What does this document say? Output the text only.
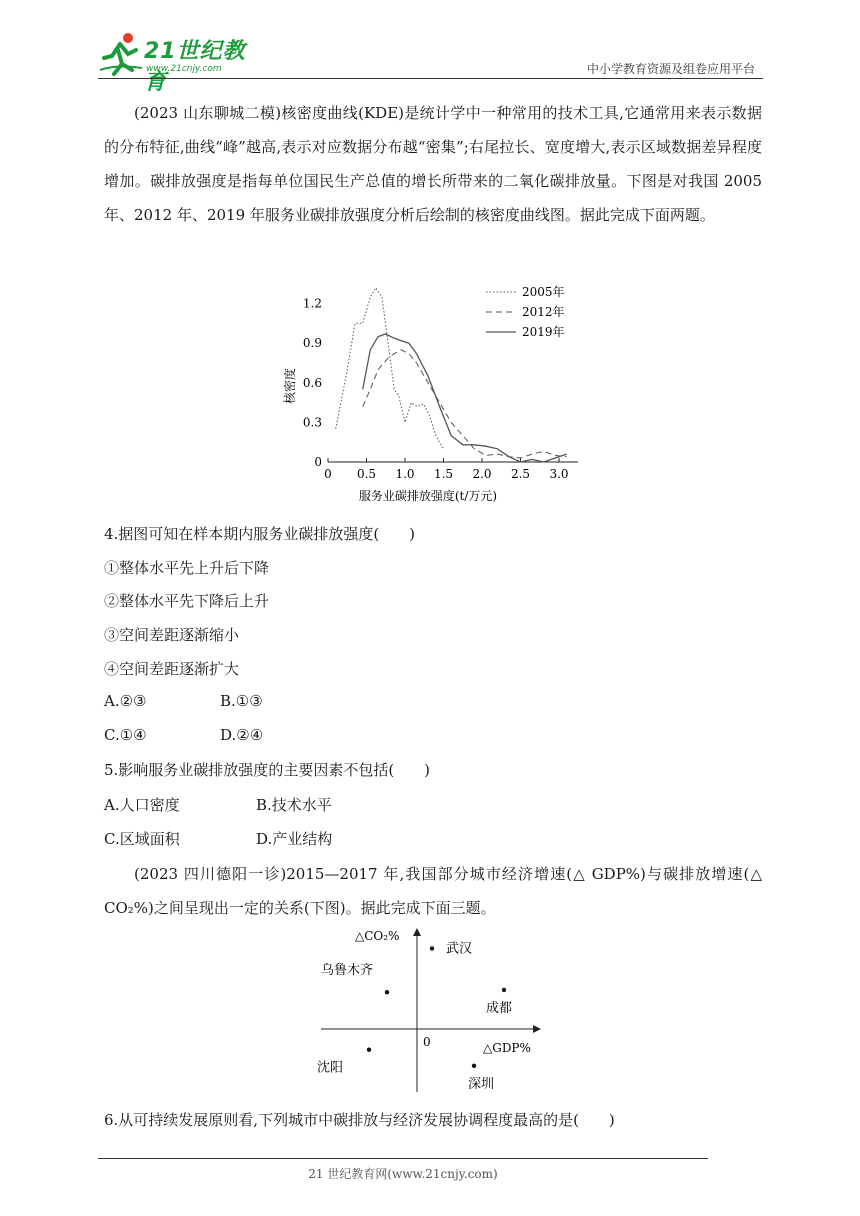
21世纪教育
www.21cnjy.com	中小学教育资源及组卷应用平台
(2023 山东聊城二模)核密度曲线(KDE)是统计学中一种常用的技术工具,它通常用来表示数据的分布特征,曲线“峰”越高,表示对应数据分布越“密集”;右尾拉长、宽度增大,表示区域数据差异程度增加。碳排放强度是指每单位国民生产总值的增长所带来的二氧化碳排放量。下图是对我国 2005 年、2012 年、2019 年服务业碳排放强度分析后绘制的核密度曲线图。据此完成下面两题。
0 0.5 1.0 1.5 2.0 2.5 3.0
0
0.3
0.6
0.9
1.2
服务业碳排放强度(t/万元)
核密度
2005年
2012年
2019年
4.据图可知在样本期内服务业碳排放强度(　　)
①整体水平先上升后下降
②整体水平先下降后上升
③空间差距逐渐缩小
④空间差距逐渐扩大
A.②③	B.①③
C.①④	D.②④
5.影响服务业碳排放强度的主要因素不包括(　　)
A.人口密度	B.技术水平
C.区域面积	D.产业结构
(2023 四川德阳一诊)2015—2017 年,我国部分城市经济增速(△ GDP%)与碳排放增速(△ CO₂%)之间呈现出一定的关系(下图)。据此完成下面三题。
△CO₂%
△GDP%
0
武汉
乌鲁木齐
成都
沈阳
深圳
6.从可持续发展原则看,下列城市中碳排放与经济发展协调程度最高的是(　　)
21 世纪教育网(www.21cnjy.com)
